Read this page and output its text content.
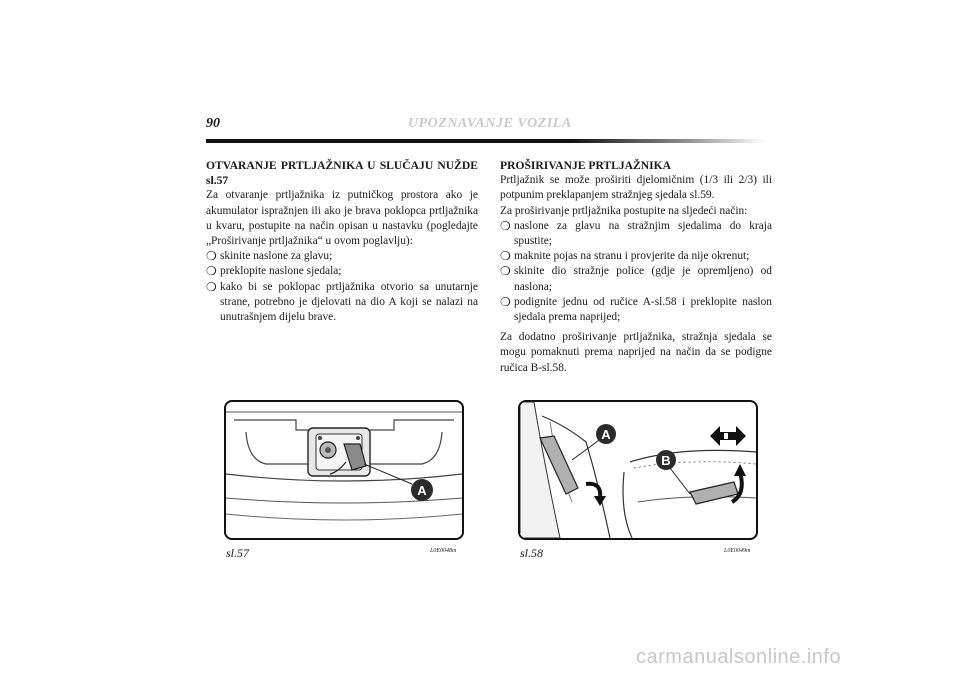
90	UPOZNAVANJE VOZILA

OTVARANJE PRTLJAŽNIKA U SLUČAJU NUŽDE sl.57

Za otvaranje prtljažnika iz putničkog prostora ako je akumulator ispražnjen ili ako je brava poklopca prtljažnika u kvaru, postupite na način opisan u nastavku (pogledajte „Proširivanje prtljažnika“ u ovom poglavlju):

❍ skinite naslone za glavu;
❍ preklopite naslone sjedala;
❍ kako bi se poklopac prtljažnika otvorio sa unutarnje strane, potrebno je djelovati na dio A koji se nalazi na unutrašnjem dijelu brave.

PROŠIRIVANJE PRTLJAŽNIKA

Prtljažnik se može proširiti djelomičnim (1/3 ili 2/3) ili potpunim preklapanjem stražnjeg sjedala sl.59.

Za proširivanje prtljažnika postupite na sljedeći način:

❍ naslone za glavu na stražnjim sjedalima do kraja spustite;
❍ maknite pojas na stranu i provjerite da nije okrenut;
❍ skinite dio stražnje police (gdje je opremljeno) od naslona;
❍ podignite jednu od ručice A-sl.58 i preklopite naslon sjedala prema naprijed;

Za dodatno proširivanje prtljažnika, stražnja sjedala se mogu pomaknuti prema naprijed na način da se podigne ručica B-sl.58.

A
sl.57	L0E0048m
A
B
sl.58	L0E0049m
carmanualsonline.info
